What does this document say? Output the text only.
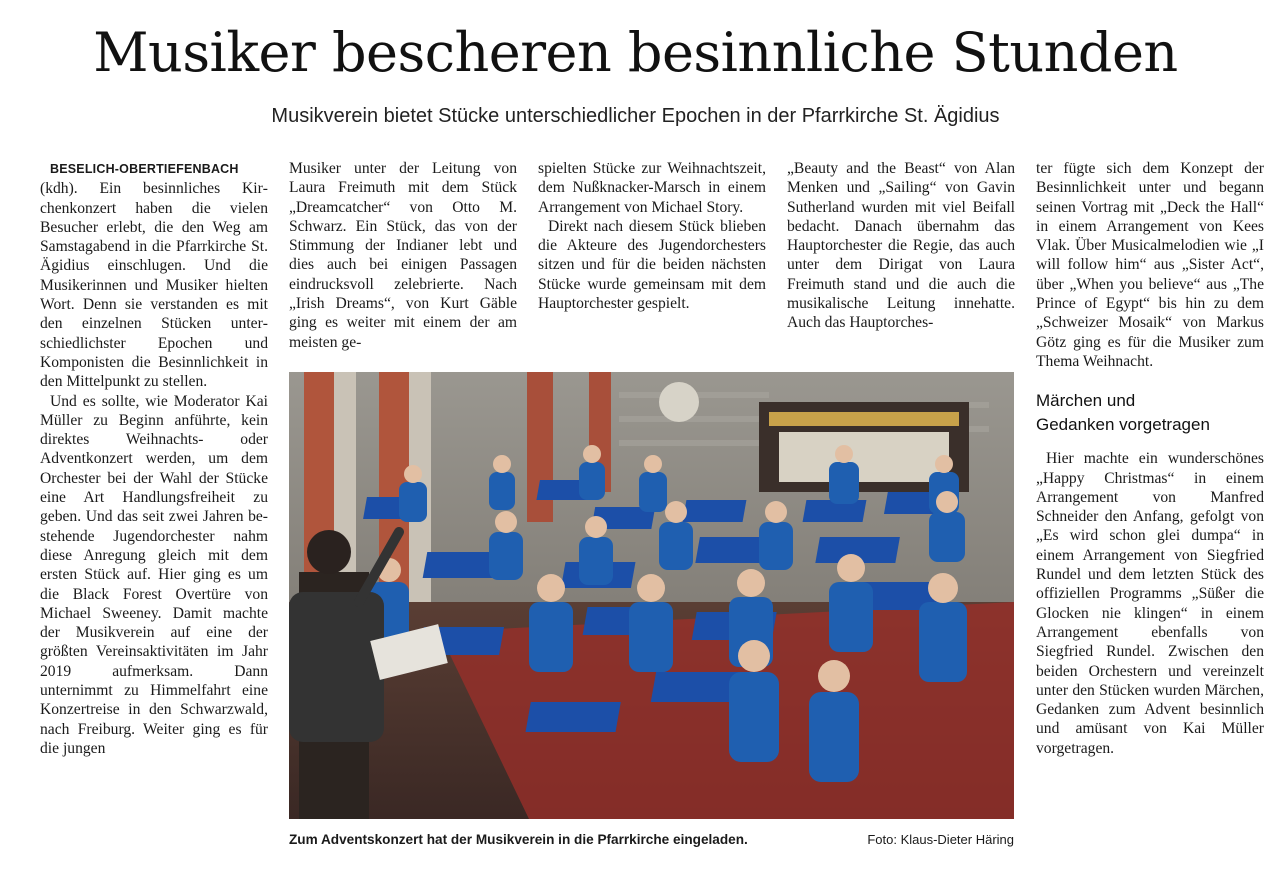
Musiker bescheren besinnliche Stunden
Musikverein bietet Stücke unterschiedlicher Epochen in der Pfarrkirche St. Ägidius

BESELICH-OBERTIEFENBACH
(kdh). Ein besinnliches Kirchenkonzert haben die vielen Besucher erlebt, die den Weg am Samstagabend in die Pfarrkirche St. Ägidius einschlugen. Und die Musikerinnen und Musiker hielten Wort. Denn sie verstanden es mit den einzelnen Stücken unterschiedlichster Epochen und Komponisten die Besinnlichkeit in den Mittelpunkt zu stellen.

Und es sollte, wie Moderator Kai Müller zu Beginn anführte, kein direktes Weihnachts- oder Adventkonzert werden, um dem Orchester bei der Wahl der Stücke eine Art Handlungsfreiheit zu geben. Und das seit zwei Jahren bestehende Jugendorchester nahm diese Anregung gleich mit dem ersten Stück auf. Hier ging es um die Black Forest Overtüre von Michael Sweeney. Damit machte der Musikverein auf eine der größten Vereinsaktivitäten im Jahr 2019 aufmerksam. Dann unternimmt zu Himmelfahrt eine Konzertreise in den Schwarzwald, nach Freiburg. Weiter ging es für die jungen

Musiker unter der Leitung von Laura Freimuth mit dem Stück „Dreamcatcher“ von Otto M. Schwarz. Ein Stück, das von der Stimmung der Indianer lebt und dies auch bei einigen Passagen eindrucksvoll zelebrierte. Nach „Irish Dreams“, von Kurt Gäble ging es weiter mit einem der am meisten ge-

spielten Stücke zur Weihnachtszeit, dem Nußknacker-Marsch in einem Arrangement von Michael Story.

Direkt nach diesem Stück blieben die Akteure des Jugendorchesters sitzen und für die beiden nächsten Stücke wurde gemeinsam mit dem Hauptorchester gespielt.

„Beauty and the Beast“ von Alan Menken und „Sailing“ von Gavin Sutherland wurden mit viel Beifall bedacht. Danach übernahm das Hauptorchester die Regie, das auch unter dem Dirigat von Laura Freimuth stand und die auch die musikalische Leitung innehatte. Auch das Hauptorches-

ter fügte sich dem Konzept der Besinnlichkeit unter und begann seinen Vortrag mit „Deck the Hall“ in einem Arrangement von Kees Vlak. Über Musicalmelodien wie „I will follow him“ aus „Sister Act“, über „When you believe“ aus „The Prince of Egypt“ bis hin zu dem „Schweizer Mosaik“ von Markus Götz ging es für die Musiker zum Thema Weihnacht.

Märchen und
Gedanken vorgetragen

Hier machte ein wunderschönes „Happy Christmas“ in einem Arrangement von Manfred Schneider den Anfang, gefolgt von „Es wird schon glei dumpa“ in einem Arrangement von Siegfried Rundel und dem letzten Stück des offiziellen Programms „Süßer die Glocken nie klingen“ in einem Arrangement ebenfalls von Siegfried Rundel. Zwischen den beiden Orchestern und vereinzelt unter den Stücken wurden Märchen, Gedanken zum Advent besinnlich und amüsant von Kai Müller vorgetragen.

Zum Adventskonzert hat der Musikverein in die Pfarrkirche eingeladen.	Foto: Klaus-Dieter Häring
